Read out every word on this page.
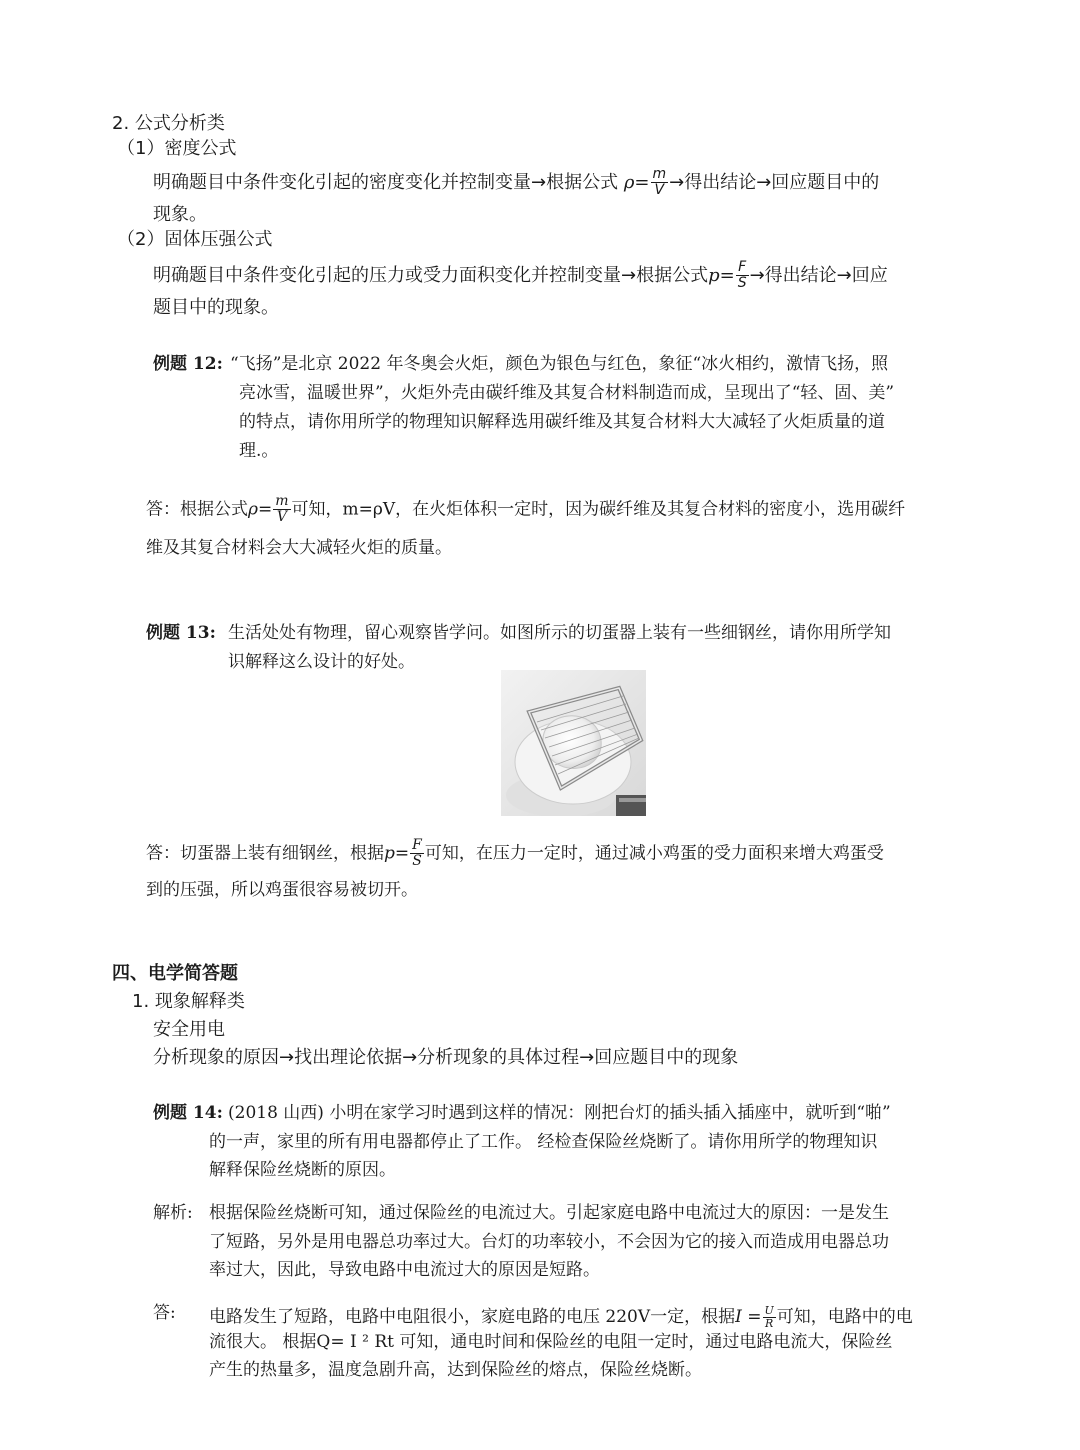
2. 公式分析类
（1）密度公式
明确题目中条件变化引起的密度变化并控制变量→根据公式 $\rho= \frac{m}{V}$ →得出结论→回应题目中的
现象。
（2）固体压强公式
明确题目中条件变化引起的压力或受力面积变化并控制变量→根据公式$p= \frac{F}{S}$ →得出结论→回应
题目中的现象。
例题 12: “飞扬”是北京 2022 年冬奥会火炬，颜色为银色与红色，象征“冰火相约，激情飞扬，照
亮冰雪，温暖世界”，火炬外壳由碳纤维及其复合材料制造而成，呈现出了“轻、固、美”
的特点，请你用所学的物理知识解释选用碳纤维及其复合材料大大减轻了火炬质量的道
理.。
答：根据公式$\rho= \frac{m}{V}$ 可知，m=ρV，在火炬体积一定时，因为碳纤维及其复合材料的密度小，选用碳纤
维及其复合材料会大大减轻火炬的质量。
例题 13: 生活处处有物理，留心观察皆学问。如图所示的切蛋器上装有一些细钢丝，请你用所学知
识解释这么设计的好处。
答：切蛋器上装有细钢丝，根据$p= \frac{F}{S}$ 可知，在压力一定时，通过减小鸡蛋的受力面积来增大鸡蛋受
到的压强，所以鸡蛋很容易被切开。
四、电学简答题
1. 现象解释类
安全用电
分析现象的原因→找出理论依据→分析现象的具体过程→回应题目中的现象
例题 14: (2018 山西) 小明在家学习时遇到这样的情况：刚把台灯的插头插入插座中，就听到“啪”
的一声，家里的所有用电器都停止了工作。 经检查保险丝烧断了。请你用所学的物理知识
解释保险丝烧断的原因。
解析: 根据保险丝烧断可知，通过保险丝的电流过大。引起家庭电路中电流过大的原因：一是发生
了短路，另外是用电器总功率过大。台灯的功率较小，不会因为它的接入而造成用电器总功
率过大，因此，导致电路中电流过大的原因是短路。
答: 电路发生了短路，电路中电阻很小，家庭电路的电压 220V一定，根据$I = \frac{U}{R}$ 可知，电路中的电
流很大。 根据Q= I ² Rt 可知，通电时间和保险丝的电阻一定时，通过电路电流大，保险丝
产生的热量多，温度急剧升高，达到保险丝的熔点，保险丝烧断。
